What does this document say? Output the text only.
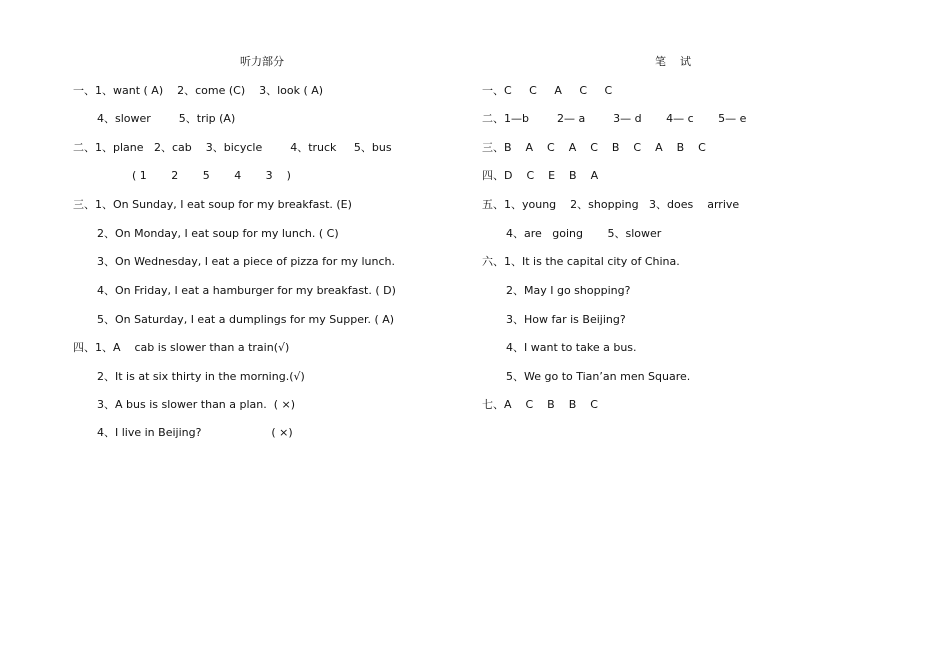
听力部分
一、1、want ( A)    2、come (C)    3、look ( A)
4、slower        5、trip (A)
二、1、plane   2、cab    3、bicycle        4、truck     5、bus
( 1       2       5       4       3    )
三、1、On Sunday, I eat soup for my breakfast. (E)
2、On Monday, I eat soup for my lunch. ( C)
3、On Wednesday, I eat a piece of pizza for my lunch.
4、On Friday, I eat a hamburger for my breakfast. ( D)
5、On Saturday, I eat a dumplings for my Supper. ( A)
四、1、A    cab is slower than a train(√)
2、It is at six thirty in the morning.(√)
3、A bus is slower than a plan.  ( ×)
4、I live in Beijing?                    ( ×)
笔    试
一、C     C     A     C     C
二、1—b        2— a        3— d       4— c       5— e
三、B    A    C    A    C    B    C    A    B    C
四、D    C    E    B    A
五、1、young    2、shopping   3、does    arrive
4、are   going       5、slower
六、1、It is the capital city of China.
2、May I go shopping?
3、How far is Beijing?
4、I want to take a bus.
5、We go to Tian’an men Square.
七、A    C    B    B    C
